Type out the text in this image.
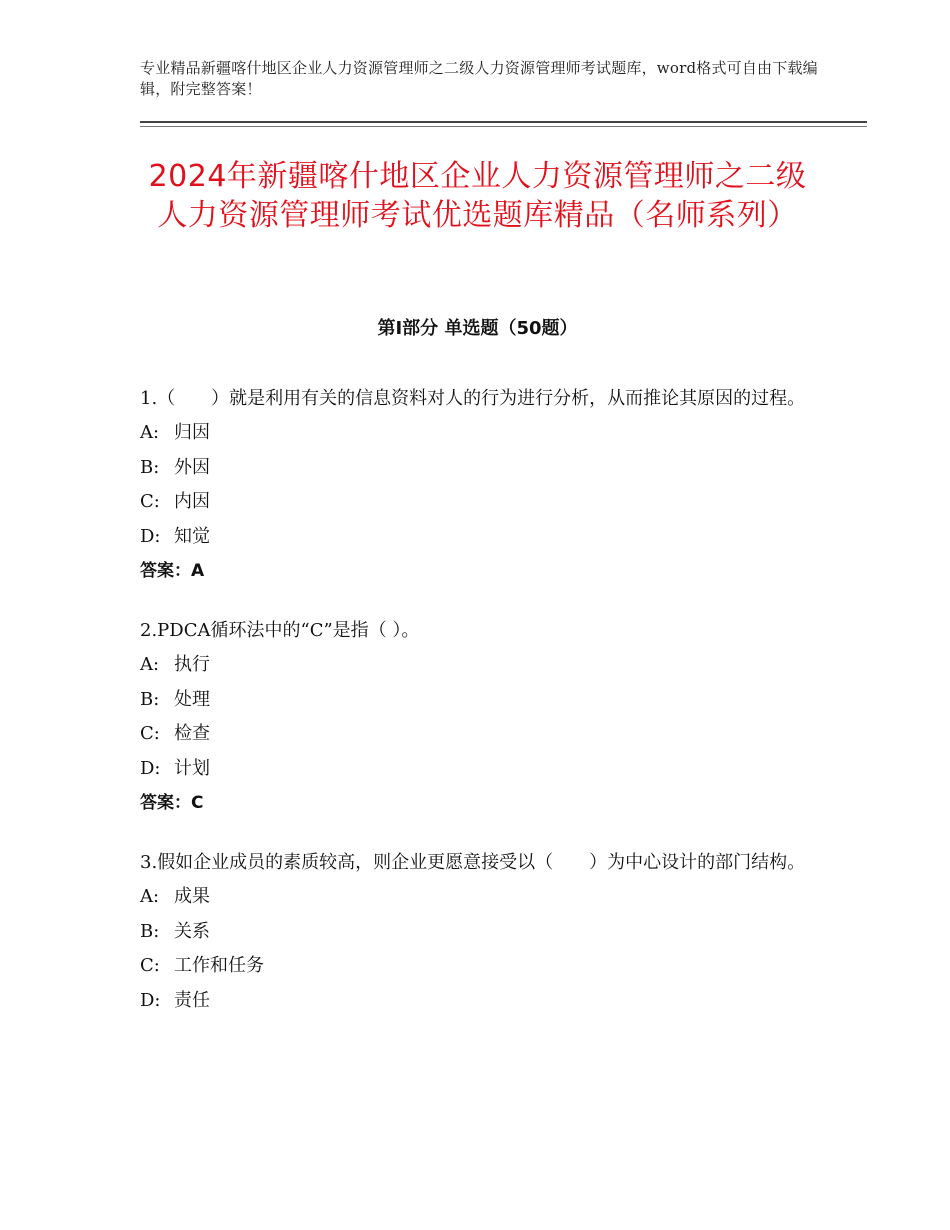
专业精品新疆喀什地区企业人力资源管理师之二级人力资源管理师考试题库，word格式可自由下载编辑，附完整答案！
2024年新疆喀什地区企业人力资源管理师之二级人力资源管理师考试优选题库精品（名师系列）
第Ⅰ部分 单选题（50题）

1.（　　）就是利用有关的信息资料对人的行为进行分析，从而推论其原因的过程。

A: 归因

B: 外因

C: 内因

D: 知觉

答案：A

2.PDCA循环法中的“C”是指（ ）。

A: 执行

B: 处理

C: 检查

D: 计划

答案：C

3.假如企业成员的素质较高，则企业更愿意接受以（　　）为中心设计的部门结构。

A: 成果

B: 关系

C: 工作和任务

D: 责任
